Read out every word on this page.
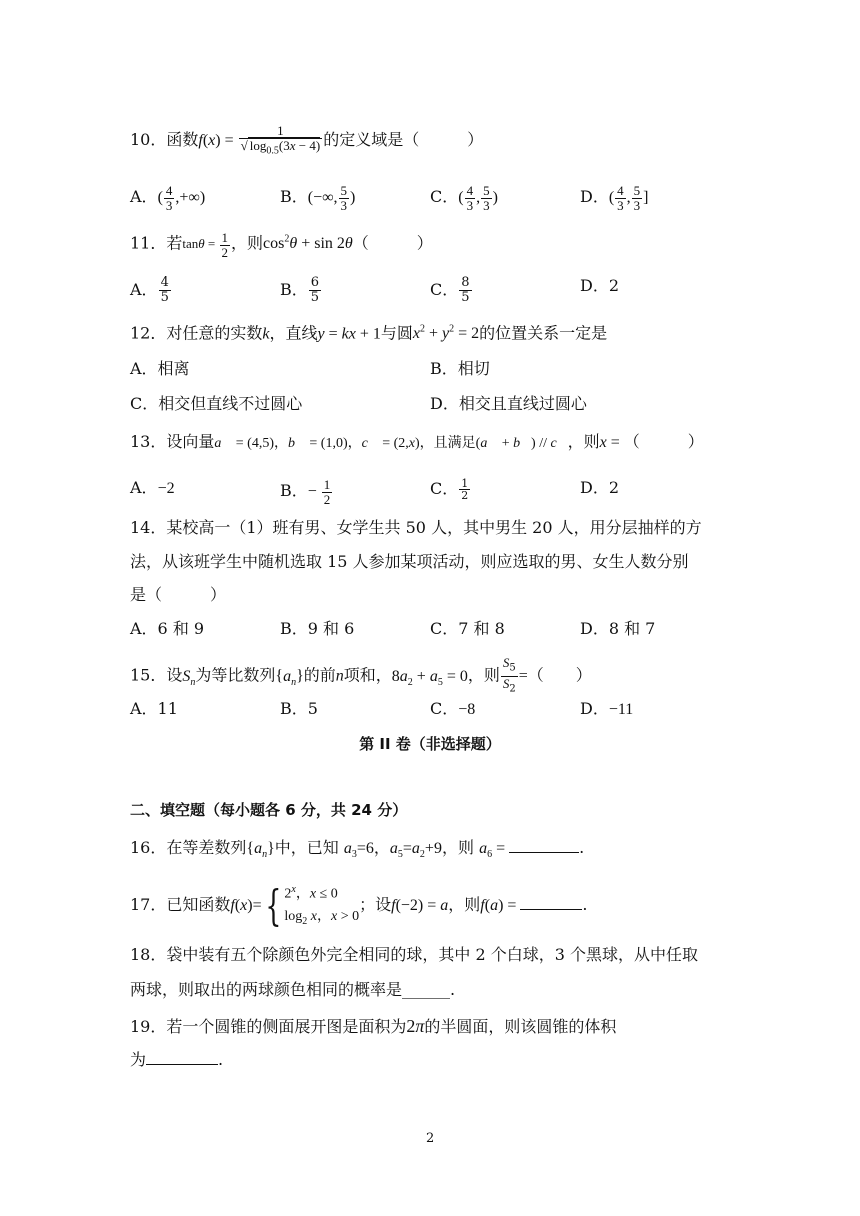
10．函数$f(x) = \frac{1}{√ \log_{0.5}(3x - 4)}$ 的定义域是（　　　）
A．( $\frac{4}{3}$ ,+∞)	B．(−∞, $\frac{5}{3}$ )	C．( $\frac{4}{3}$ , $\frac{5}{3}$ )	D．( $\frac{4}{3}$ , $\frac{5}{3}$ ]
11．若$\tan\theta = \frac{1}{2}$ ，则$\cos^2\theta + \sin 2\theta$（　　　）
A． $\frac{4}{5}$	B． $\frac{6}{5}$	C． $\frac{8}{5}$	D．2
12．对任意的实数k，直线y = kx + 1与圆$x^2 + y^2 = 2$的位置关系一定是
A．相离	B．相切
C．相交但直线不过圆心	D．相交且直线过圆心
13．设向量a⃗ = (4,5)，b⃗ = (1,0)，c⃗ = (2,x)，且满足(a⃗ + b⃗) // c⃗，则x = （　　　）
A．−2	B．− $\frac{1}{2}$	C． $\frac{1}{2}$	D．2
14．某校高一（1）班有男、女学生共 50 人，其中男生 20 人，用分层抽样的方
法，从该班学生中随机选取 15 人参加某项活动，则应选取的男、女生人数分别
是（　　　）
A．6 和 9	B．9 和 6	C．7 和 8	D．8 和 7
15．设$S_n$为等比数列$\{a_n\}$的前n项和，$8a_2 + a_5 = 0$，则 $\frac{S_5}{S_2}$ =（　　）
A．11	B．5	C．−8	D．−11
第 II 卷（非选择题）
二、填空题（每小题各 6 分，共 24 分）
16．在等差数列$\{a_n\}$中，已知 $a_3=6$，$a_5=a_2+9$，则 $a_6$ =	.
17．已知函数f(x)={ 2$^x$，x ≤ 0
$\log_2 x$，x > 0
；设f(−2) = a，则f(a) =	.
18．袋中装有五个除颜色外完全相同的球，其中 2 个白球，3 个黑球，从中任取
两球，则取出的两球颜色相同的概率是______.
19．若一个圆锥的侧面展开图是面积为2π的半圆面，则该圆锥的体积
为	.
2
